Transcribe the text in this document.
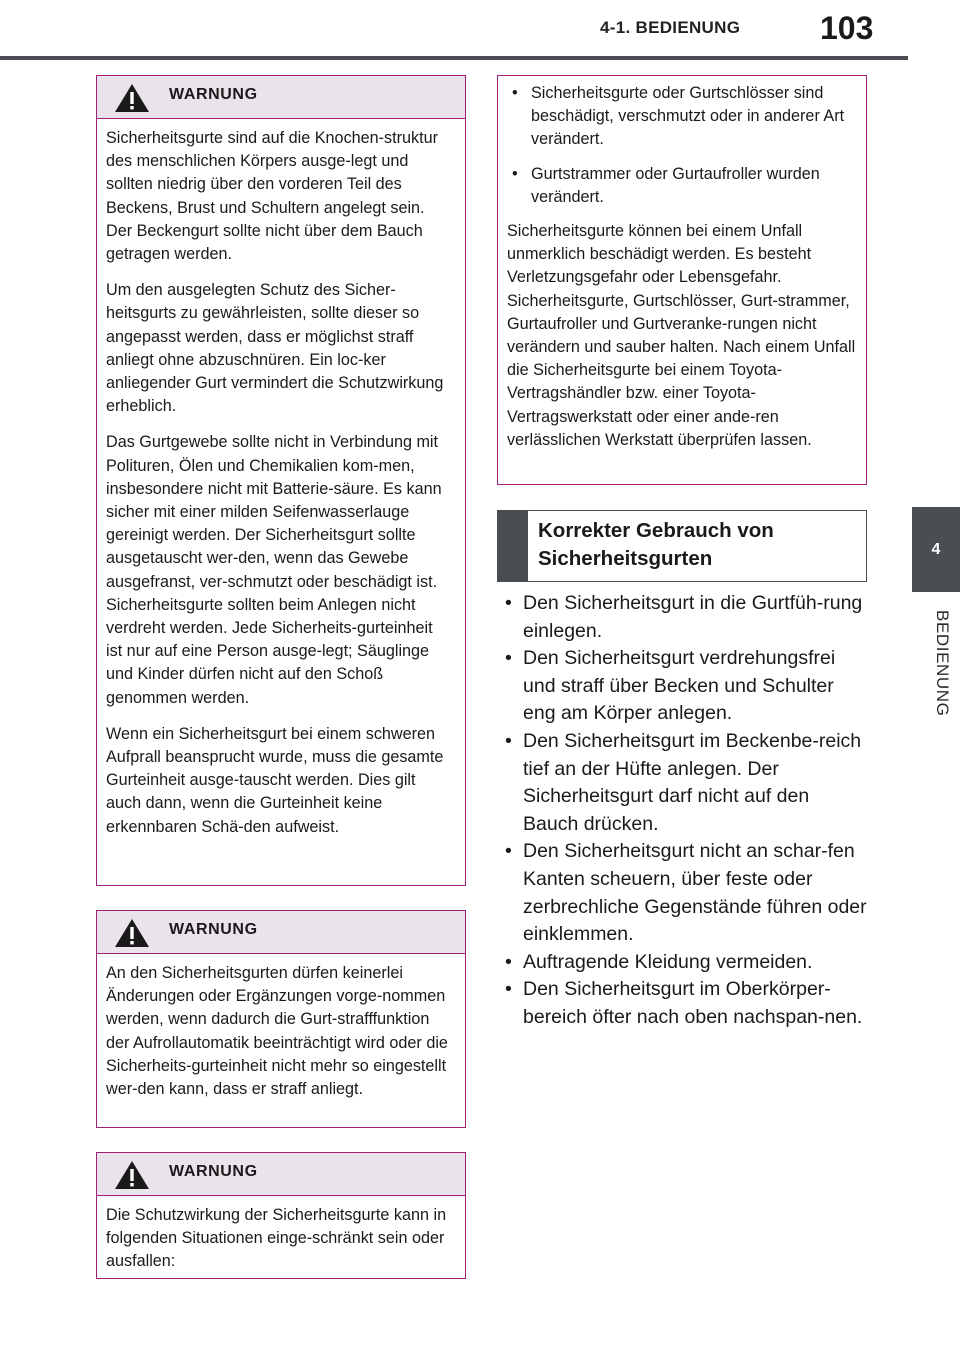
4-1. BEDIENUNG	103
4
BEDIENUNG
WARNUNG

Sicherheitsgurte sind auf die Knochen-struktur des menschlichen Körpers ausge-legt und sollten niedrig über den vorderen Teil des Beckens, Brust und Schultern angelegt sein. Der Beckengurt sollte nicht über dem Bauch getragen werden.

Um den ausgelegten Schutz des Sicher-heitsgurts zu gewährleisten, sollte dieser so angepasst werden, dass er möglichst straff anliegt ohne abzuschnüren. Ein loc-ker anliegender Gurt vermindert die Schutzwirkung erheblich.

Das Gurtgewebe sollte nicht in Verbindung mit Polituren, Ölen und Chemikalien kom-men, insbesondere nicht mit Batterie-säure. Es kann sicher mit einer milden Seifenwasserlauge gereinigt werden. Der Sicherheitsgurt sollte ausgetauscht wer-den, wenn das Gewebe ausgefranst, ver-schmutzt oder beschädigt ist. Sicherheitsgurte sollten beim Anlegen nicht verdreht werden. Jede Sicherheits-gurteinheit ist nur auf eine Person ausge-legt; Säuglinge und Kinder dürfen nicht auf den Schoß genommen werden.

Wenn ein Sicherheitsgurt bei einem schweren Aufprall beansprucht wurde, muss die gesamte Gurteinheit ausge-tauscht werden. Dies gilt auch dann, wenn die Gurteinheit keine erkennbaren Schä-den aufweist.

WARNUNG

An den Sicherheitsgurten dürfen keinerlei Änderungen oder Ergänzungen vorge-nommen werden, wenn dadurch die Gurt-strafffunktion der Aufrollautomatik beeinträchtigt wird oder die Sicherheits-gurteinheit nicht mehr so eingestellt wer-den kann, dass er straff anliegt.

WARNUNG

Die Schutzwirkung der Sicherheitsgurte kann in folgenden Situationen einge-schränkt sein oder ausfallen:

• Sicherheitsgurte oder Gurtschlösser sind beschädigt, verschmutzt oder in anderer Art verändert.
• Gurtstrammer oder Gurtaufroller wurden verändert.

Sicherheitsgurte können bei einem Unfall unmerklich beschädigt werden. Es besteht Verletzungsgefahr oder Lebensgefahr. Sicherheitsgurte, Gurtschlösser, Gurt-strammer, Gurtaufroller und Gurtveranke-rungen nicht verändern und sauber halten. Nach einem Unfall die Sicherheitsgurte bei einem Toyota-Vertragshändler bzw. einer Toyota-Vertragswerkstatt oder einer ande-ren verlässlichen Werkstatt überprüfen lassen.

Korrekter Gebrauch von Sicherheitsgurten
• Den Sicherheitsgurt in die Gurtfüh-rung einlegen.
• Den Sicherheitsgurt verdrehungsfrei und straff über Becken und Schulter eng am Körper anlegen.
• Den Sicherheitsgurt im Beckenbe-reich tief an der Hüfte anlegen. Der Sicherheitsgurt darf nicht auf den Bauch drücken.
• Den Sicherheitsgurt nicht an schar-fen Kanten scheuern, über feste oder zerbrechliche Gegenstände führen oder einklemmen.
• Auftragende Kleidung vermeiden.
• Den Sicherheitsgurt im Oberkörper-bereich öfter nach oben nachspan-nen.
